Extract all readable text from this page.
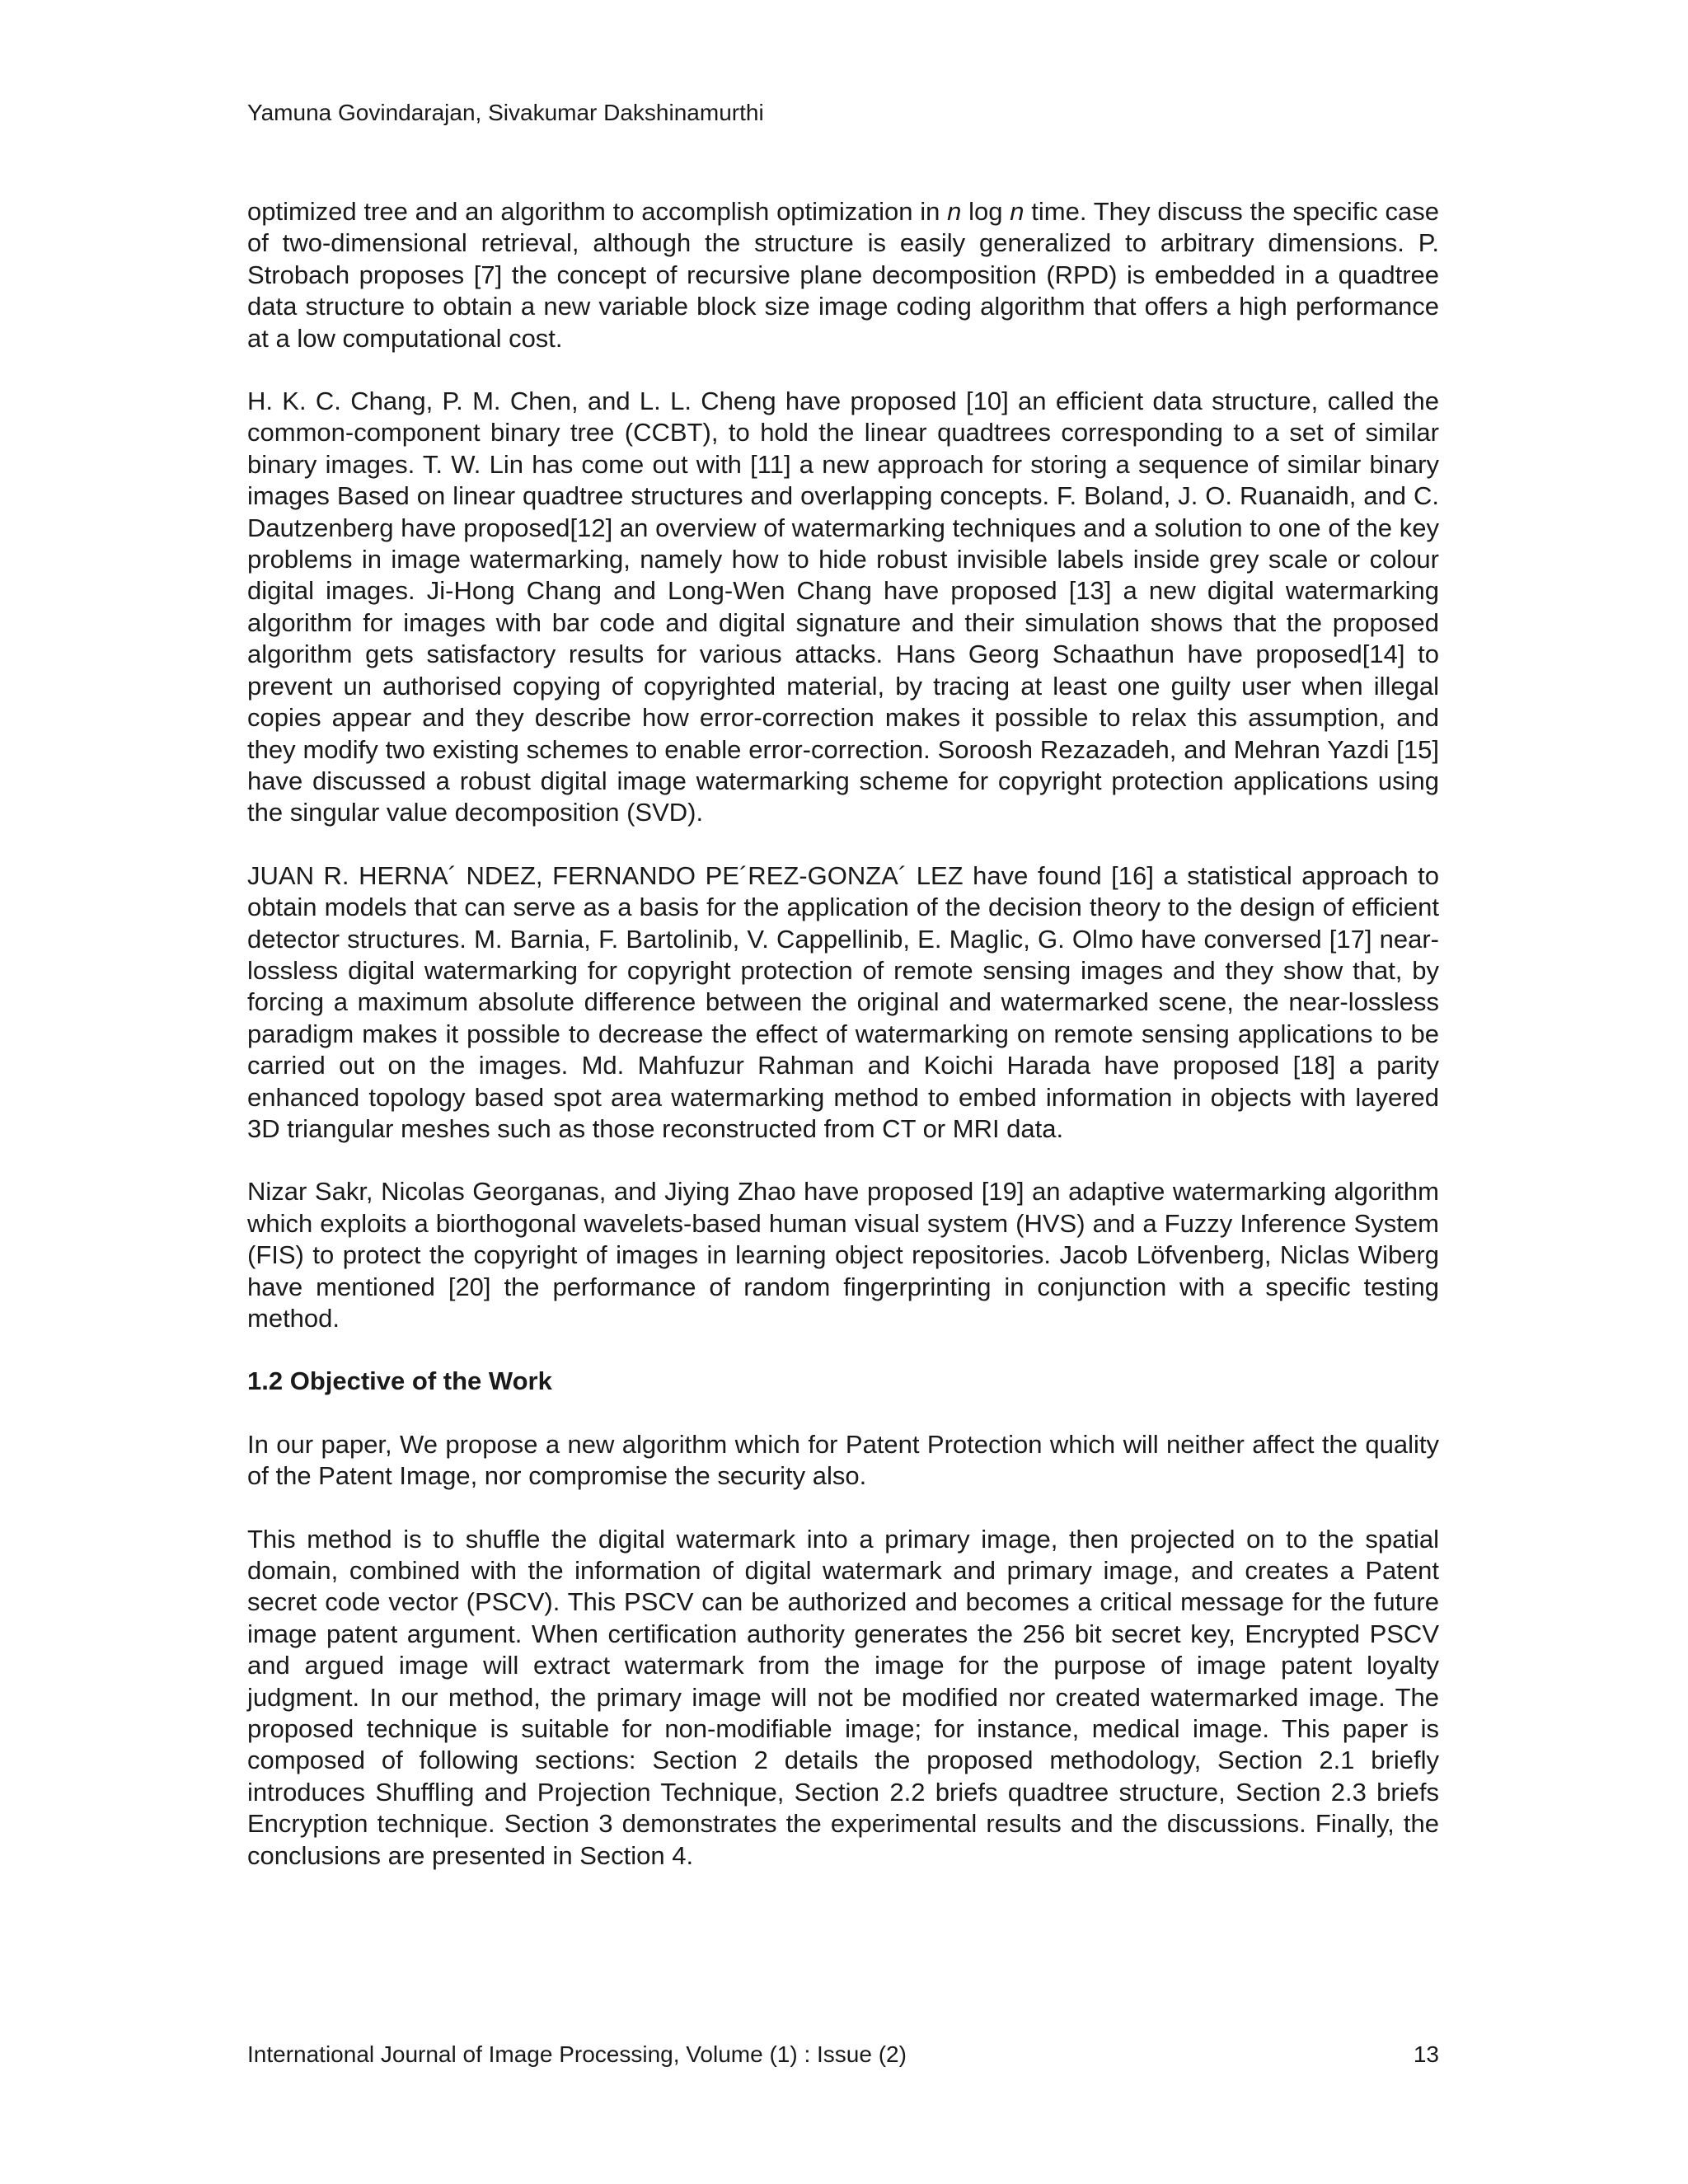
Yamuna Govindarajan, Sivakumar Dakshinamurthi

optimized tree and an algorithm to accomplish optimization in n log n time. They discuss the specific case of two-dimensional retrieval, although the structure is easily generalized to arbitrary dimensions. P. Strobach proposes [7] the concept of recursive plane decomposition (RPD) is embedded in a quadtree data structure to obtain a new variable block size image coding algorithm that offers a high performance at a low computational cost.

H. K. C. Chang, P. M. Chen, and L. L. Cheng have proposed [10] an efficient data structure, called the common-component binary tree (CCBT), to hold the linear quadtrees corresponding to a set of similar binary images. T. W. Lin has come out with [11] a new approach for storing a sequence of similar binary images Based on linear quadtree structures and overlapping concepts. F. Boland, J. O. Ruanaidh, and C. Dautzenberg have proposed[12] an overview of watermarking techniques and a solution to one of the key problems in image watermarking, namely how to hide robust invisible labels inside grey scale or colour digital images. Ji-Hong Chang and Long-Wen Chang have proposed [13] a new digital watermarking algorithm for images with bar code and digital signature and their simulation shows that the proposed algorithm gets satisfactory results for various attacks. Hans Georg Schaathun have proposed[14] to prevent un authorised copying of copyrighted material, by tracing at least one guilty user when illegal copies appear and they describe how error-correction makes it possible to relax this assumption, and they modify two existing schemes to enable error-correction. Soroosh Rezazadeh, and Mehran Yazdi [15] have discussed a robust digital image watermarking scheme for copyright protection applications using the singular value decomposition (SVD).

JUAN R. HERNA´ NDEZ, FERNANDO PE´REZ-GONZA´ LEZ have found [16] a statistical approach to obtain models that can serve as a basis for the application of the decision theory to the design of efficient detector structures. M. Barnia, F. Bartolinib, V. Cappellinib, E. Maglic, G. Olmo have conversed [17] near-lossless digital watermarking for copyright protection of remote sensing images and they show that, by forcing a maximum absolute difference between the original and watermarked scene, the near-lossless paradigm makes it possible to decrease the effect of watermarking on remote sensing applications to be carried out on the images. Md. Mahfuzur Rahman and Koichi Harada have proposed [18] a parity enhanced topology based spot area watermarking method to embed information in objects with layered 3D triangular meshes such as those reconstructed from CT or MRI data.

Nizar Sakr, Nicolas Georganas, and Jiying Zhao have proposed [19] an adaptive watermarking algorithm which exploits a biorthogonal wavelets-based human visual system (HVS) and a Fuzzy Inference System (FIS) to protect the copyright of images in learning object repositories. Jacob Löfvenberg, Niclas Wiberg have mentioned [20] the performance of random fingerprinting in conjunction with a specific testing method.

1.2 Objective of the Work

In our paper, We propose a new algorithm which for Patent Protection which will neither affect the quality of the Patent Image, nor compromise the security also.

This method is to shuffle the digital watermark into a primary image, then projected on to the spatial domain, combined with the information of digital watermark and primary image, and creates a Patent secret code vector (PSCV). This PSCV can be authorized and becomes a critical message for the future image patent argument. When certification authority generates the 256 bit secret key, Encrypted PSCV and argued image will extract watermark from the image for the purpose of image patent loyalty judgment. In our method, the primary image will not be modified nor created watermarked image. The proposed technique is suitable for non-modifiable image; for instance, medical image. This paper is composed of following sections: Section 2 details the proposed methodology, Section 2.1 briefly introduces Shuffling and Projection Technique, Section 2.2 briefs quadtree structure, Section 2.3 briefs Encryption technique. Section 3 demonstrates the experimental results and the discussions. Finally, the conclusions are presented in Section 4.

International Journal of Image Processing, Volume (1) : Issue (2)	13
